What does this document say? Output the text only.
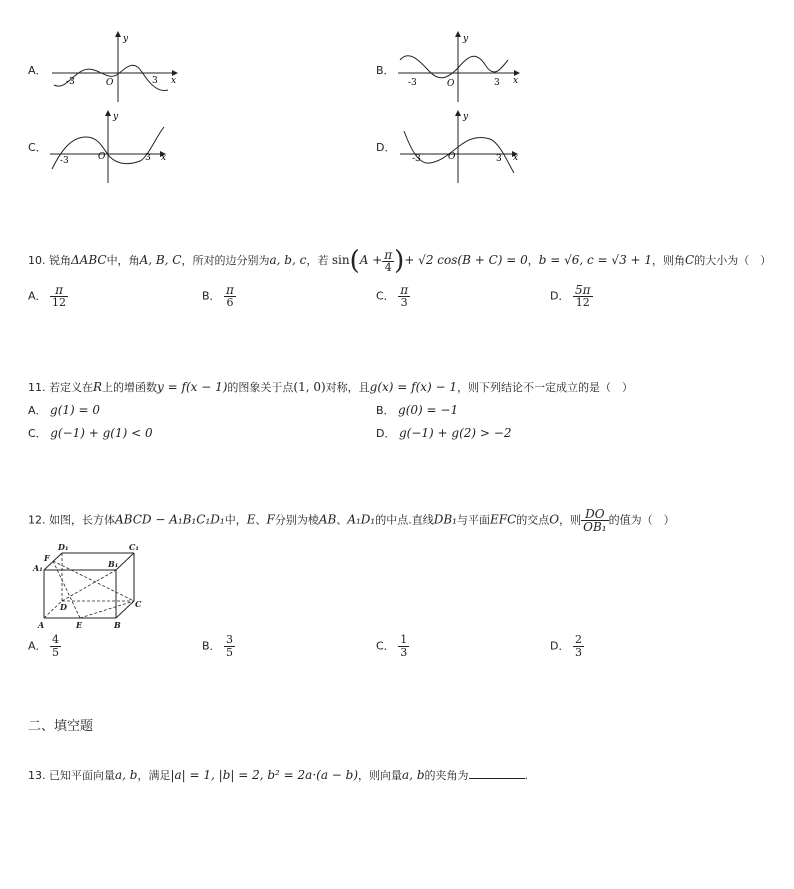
A．
y
x
O
-3	3
B．
y
x
O
-3	3
C．
y
x
O
-3	3
D．
y
x
O
-3	3
10. 锐角ΔABC中，角A, B, C，所对的边分别为a, b, c，若 $\sin(A + \frac{\pi}{4}$ )+ √2 cos(B + C) = 0，b = √6, c = √3 + 1，则角C的大小为（　）
A． $\frac{\pi}{12}$	B． $\frac{\pi}{6}$	C． $\frac{\pi}{3}$	D． $\frac{5\pi}{12}$
11. 若定义在R上的增函数y = f(x − 1)的图象关于点(1, 0)对称，且g(x) = f(x) − 1，则下列结论不一定成立的是（　）
A． g(1) = 0	B． g(0) = −1
C． g(−1) + g(1) < 0	D． g(−1) + g(2) > −2
12. 如图，长方体ABCD − A₁B₁C₁D₁中，E、F分别为棱AB、A₁D₁的中点.直线DB₁与平面EFC的交点O，则 $\frac{DO}{\text{OB₁}}$ 的值为（　）
D₁	C₁
F
A₁	B₁
D	C
A	E	B
A． $\frac{4}{5}$	B． $\frac{3}{5}$	C． $\frac{1}{3}$	D． $\frac{2}{3}$
二、填空题
13. 已知平面向量a, b，满足|a| = 1, |b| = 2, b² = 2a·(a − b)，则向量a, b的夹角为	.
